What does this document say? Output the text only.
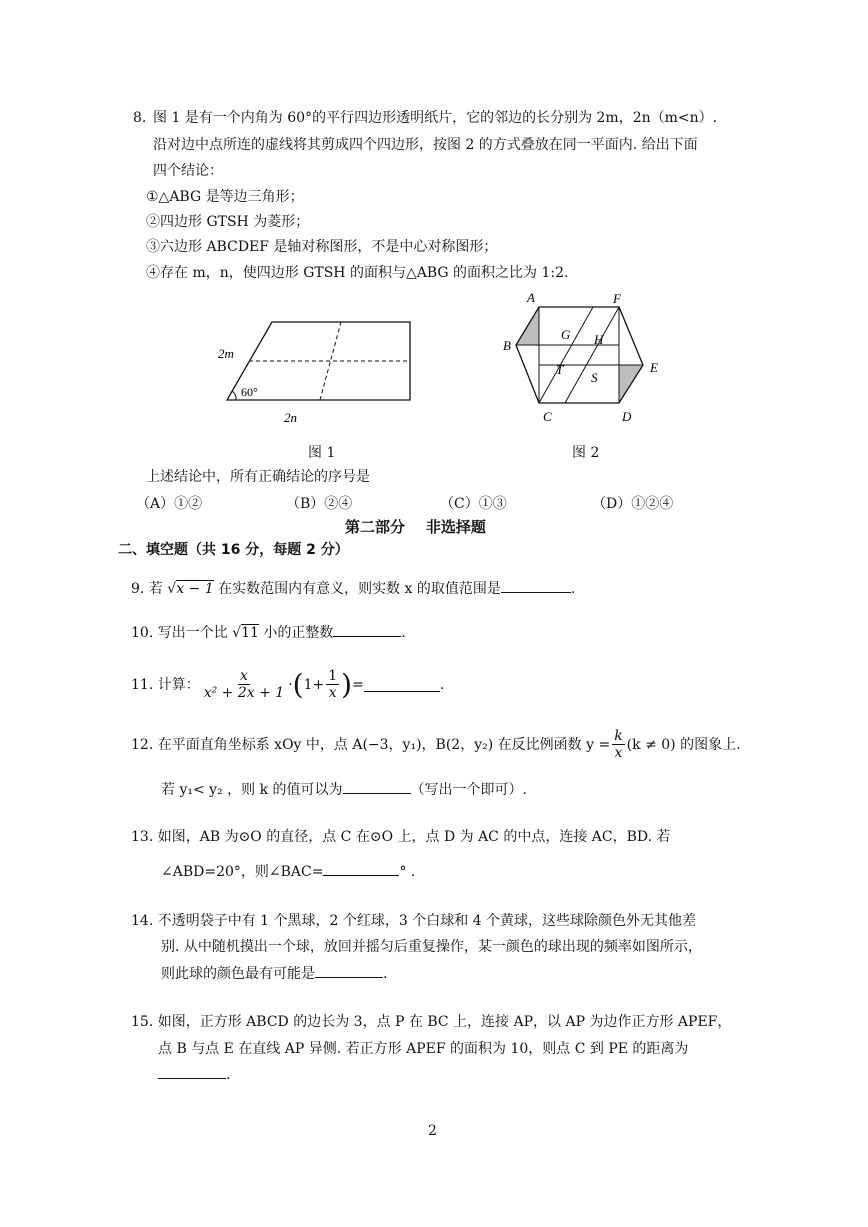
8. 图 1 是有一个内角为 60°的平行四边形透明纸片，它的邻边的长分别为 2m，2n（m<n）.
沿对边中点所连的虚线将其剪成四个四边形，按图 2 的方式叠放在同一平面内. 给出下面
四个结论：
①△ABG 是等边三角形；
②四边形 GTSH 为菱形；
③六边形 ABCDEF 是轴对称图形，不是中心对称图形；
④存在 m，n，使四边形 GTSH 的面积与△ABG 的面积之比为 1:2.
2m
60°
2n
图 1
A	F
B
G H
E
T
S
C	D
图 2
上述结论中，所有正确结论的序号是
（A）①②	（B）②④	（C）①③	（D）①②④
第二部分    非选择题
二、填空题（共 16 分，每题 2 分）
9. 若 √x − 1 在实数范围内有意义，则实数 x 的取值范围是	.
10. 写出一个比 √11 小的正整数	.
11.
计算： $\frac{x}{\text{x² + 2x + 1}}$ · ( $1+ \frac{1}{x}$ ) =	.
12.
在平面直角坐标系 xOy 中，点 A(−3，y₁)，B(2，y₂) 在反比例函数 $y = \frac{k}{x} (k \ne 0)$ 的图象上.
若 y₁< y₂ ，则 k 的值可以为	（写出一个即可）.
13. 如图，AB 为⊙O 的直径，点 C 在⊙O 上，点 D 为 AC 的中点，连接 AC，BD. 若
∠ABD=20°，则∠BAC=	° .
14. 不透明袋子中有 1 个黑球，2 个红球，3 个白球和 4 个黄球，这些球除颜色外无其他差
别. 从中随机摸出一个球，放回并摇匀后重复操作，某一颜色的球出现的频率如图所示，
则此球的颜色最有可能是	.
15. 如图，正方形 ABCD 的边长为 3，点 P 在 BC 上，连接 AP，以 AP 为边作正方形 APEF，
点 B 与点 E 在直线 AP 异侧. 若正方形 APEF 的面积为 10，则点 C 到 PE 的距离为
.
2
